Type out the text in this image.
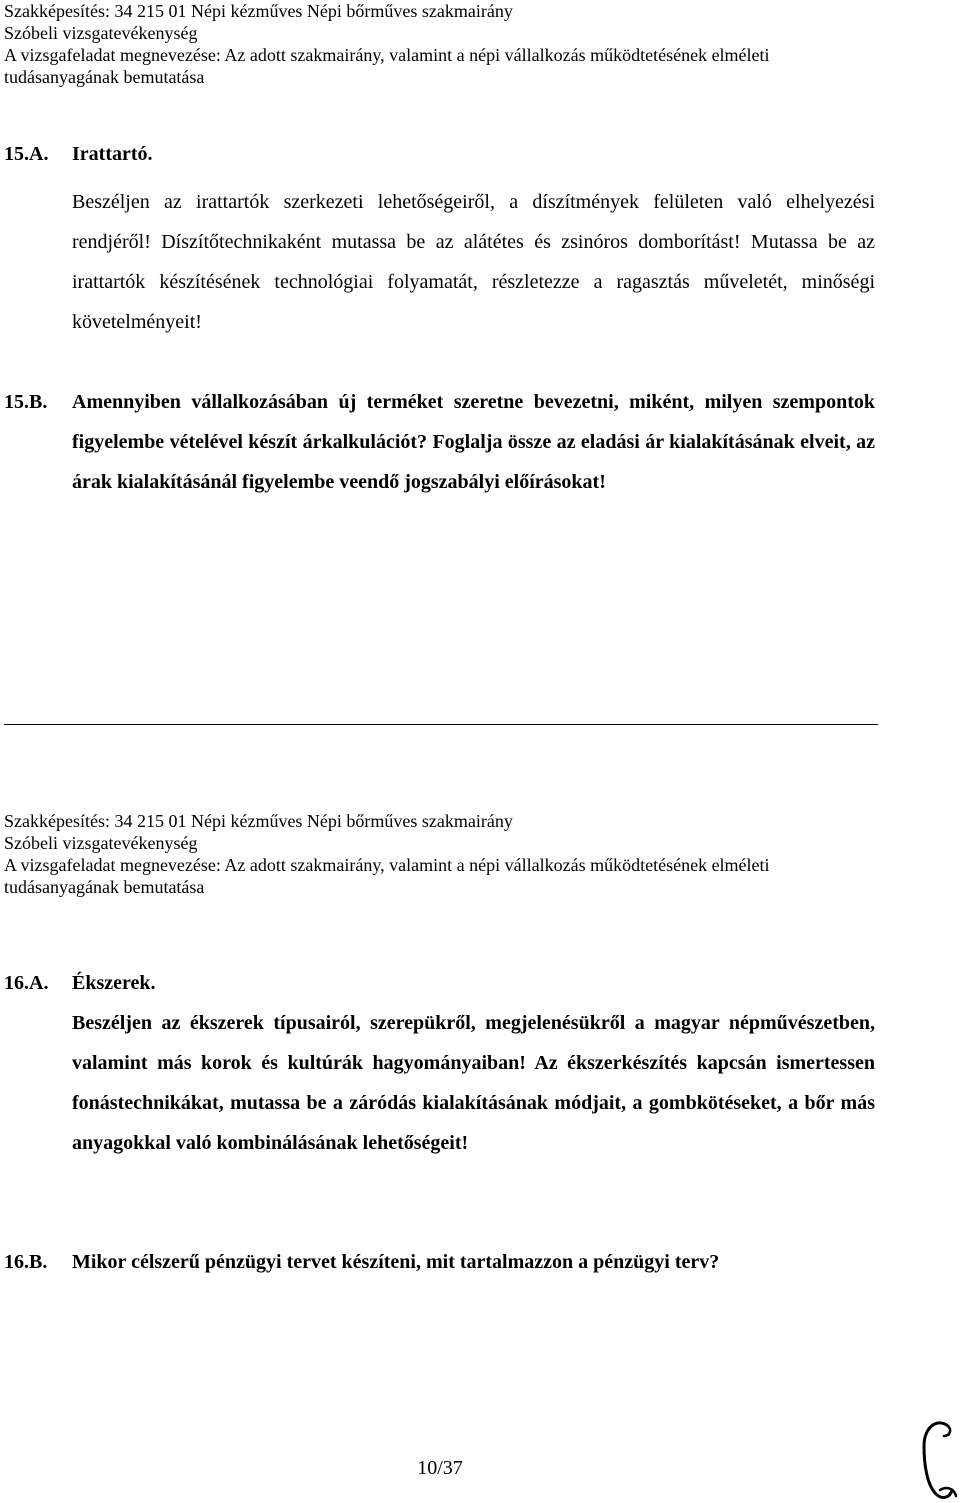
Szakképesítés: 34 215 01 Népi kézműves Népi bőrműves szakmairány
Szóbeli vizsgatevékenység
A vizsgafeladat megnevezése: Az adott szakmairány, valamint a népi vállalkozás működtetésének elméleti
tudásanyagának bemutatása
15.A. Irattartó.
Beszéljen az irattartók szerkezeti lehetőségeiről, a díszítmények felületen való elhelyezési rendjéről! Díszítőtechnikaként mutassa be az alátétes és zsinóros domborítást! Mutassa be az irattartók készítésének technológiai folyamatát, részletezze a ragasztás műveletét, minőségi követelményeit!
15.B. Amennyiben vállalkozásában új terméket szeretne bevezetni, miként, milyen szempontok figyelembe vételével készít árkalkulációt? Foglalja össze az eladási ár kialakításának elveit, az árak kialakításánál figyelembe veendő jogszabályi előírásokat!
Szakképesítés: 34 215 01 Népi kézműves Népi bőrműves szakmairány
Szóbeli vizsgatevékenység
A vizsgafeladat megnevezése: Az adott szakmairány, valamint a népi vállalkozás működtetésének elméleti
tudásanyagának bemutatása
16.A. Ékszerek.
Beszéljen az ékszerek típusairól, szerepükről, megjelenésükről a magyar népművészetben, valamint más korok és kultúrák hagyományaiban! Az ékszerkészítés kapcsán ismertessen fonástechnikákat, mutassa be a záródás kialakításának módjait, a gombkötéseket, a bőr más anyagokkal való kombinálásának lehetőségeit!
16.B. Mikor célszerű pénzügyi tervet készíteni, mit tartalmazzon a pénzügyi terv?
10/37
